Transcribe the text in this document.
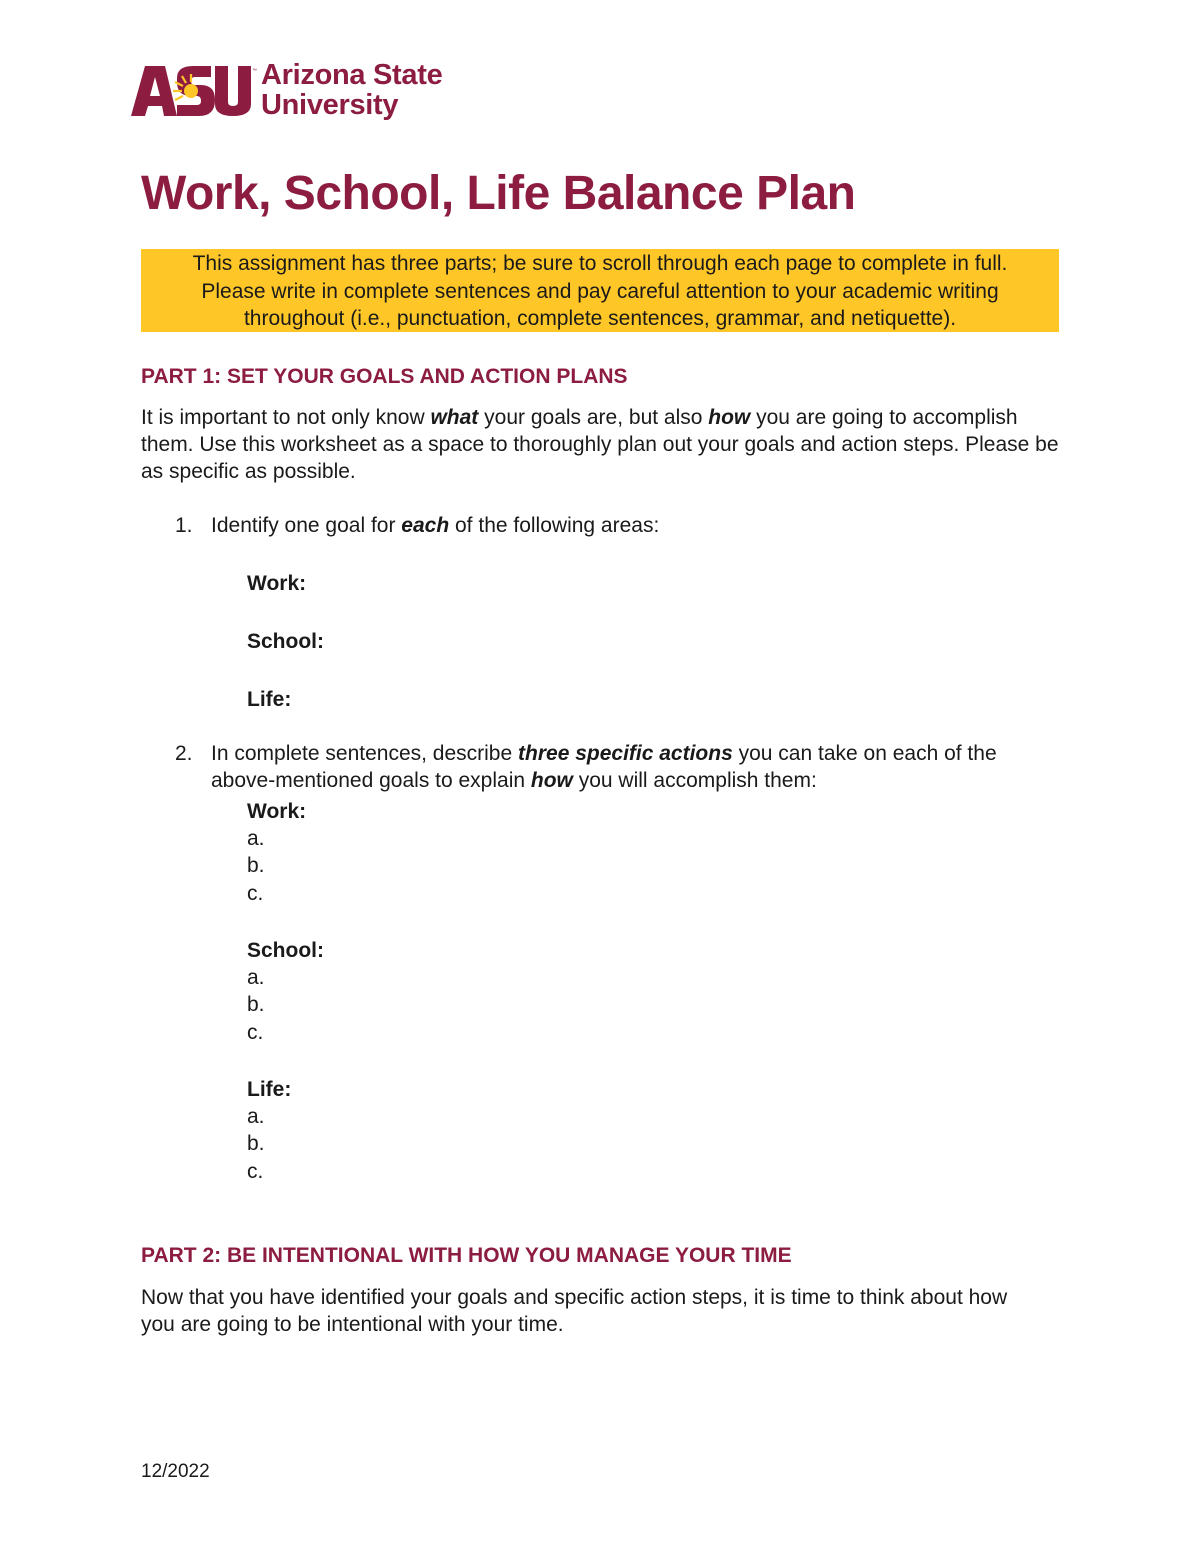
™ Arizona State
University
Work, School, Life Balance Plan
This assignment has three parts; be sure to scroll through each page to complete in full.
Please write in complete sentences and pay careful attention to your academic writing
throughout (i.e., punctuation, complete sentences, grammar, and netiquette).
PART 1: SET YOUR GOALS AND ACTION PLANS
It is important to not only know what your goals are, but also how you are going to accomplish them. Use this worksheet as a space to thoroughly plan out your goals and action steps. Please be as specific as possible.
1. Identify one goal for each of the following areas:
Work:
School:
Life:
2. In complete sentences, describe three specific actions you can take on each of the above-mentioned goals to explain how you will accomplish them:
Work:
a.
b.
c.
School:
a.
b.
c.
Life:
a.
b.
c.
PART 2: BE INTENTIONAL WITH HOW YOU MANAGE YOUR TIME
Now that you have identified your goals and specific action steps, it is time to think about how you are going to be intentional with your time.
12/2022
